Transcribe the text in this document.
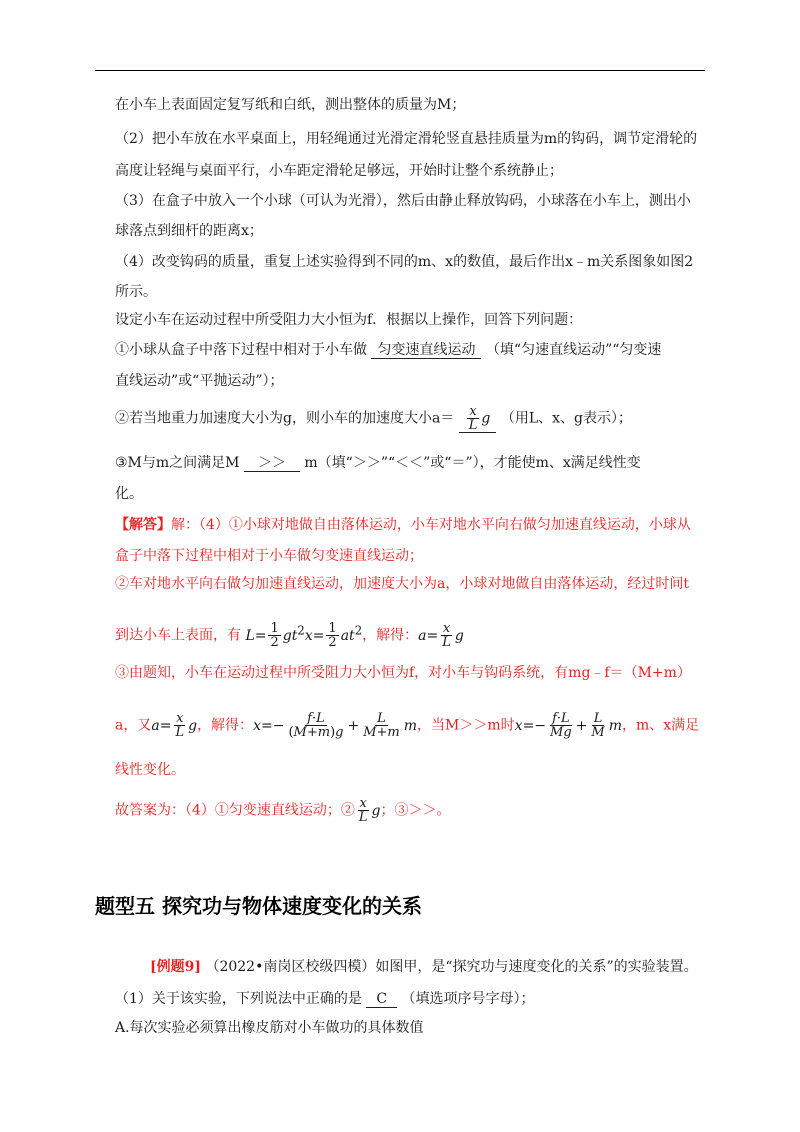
在小车上表面固定复写纸和白纸，测出整体的质量为M；
（2）把小车放在水平桌面上，用轻绳通过光滑定滑轮竖直悬挂质量为m的钩码，调节定滑轮的
高度让轻绳与桌面平行，小车距定滑轮足够远，开始时让整个系统静止；
（3）在盒子中放入一个小球（可认为光滑），然后由静止释放钩码，小球落在小车上，测出小
球落点到细杆的距离x；
（4）改变钩码的质量，重复上述实验得到不同的m、x的数值，最后作出x﹣m关系图象如图2
所示。
设定小车在运动过程中所受阻力大小恒为f．根据以上操作，回答下列问题：
①小球从盒子中落下过程中相对于小车做 匀变速直线运动 （填“匀速直线运动”“匀变速
直线运动”或“平抛运动”）；
②若当地重力加速度大小为g，则小车的加速度大小$a= \frac{x}{L}$ g （用L、x、g表示）；
③M与m之间满足M ＞＞ m（填“＞＞”“＜＜”或“＝”），才能使m、x满足线性变
化。
【解答】解：（4）①小球对地做自由落体运动，小车对地水平向右做匀加速直线运动，小球从
盒子中落下过程中相对于小车做匀变速直线运动；
②车对地水平向右做匀加速直线运动，加速度大小为a，小球对地做自由落体运动，经过时间t
到达小车上表面，有 $L= \frac{1}{2} gt^2x= \frac{1}{2} at^2$，解得：$a= \frac{x}{L}$ g
③由题知，小车在运动过程中所受阻力大小恒为f，对小车与钩码系统，有mg﹣f＝（M+m）
a，又$a= \frac{x}{L}$ g，解得：$x=- \frac{f\cdot L}{(M+m)g} + \frac{L}{M+m}$ m，当M＞＞m时$x=- \frac{f\cdot L}{Mg} + \frac{L}{M}$ m，m、x满足
线性变化。
故答案为：（4）①匀变速直线运动；② $\frac{x}{L}$ g；③＞＞。
题型五 探究功与物体速度变化的关系
[例题9] （2022•南岗区校级四模）如图甲，是“探究功与速度变化的关系”的实验装置。
（1）关于该实验，下列说法中正确的是 C （填选项序号字母）；
A.每次实验必须算出橡皮筋对小车做功的具体数值
